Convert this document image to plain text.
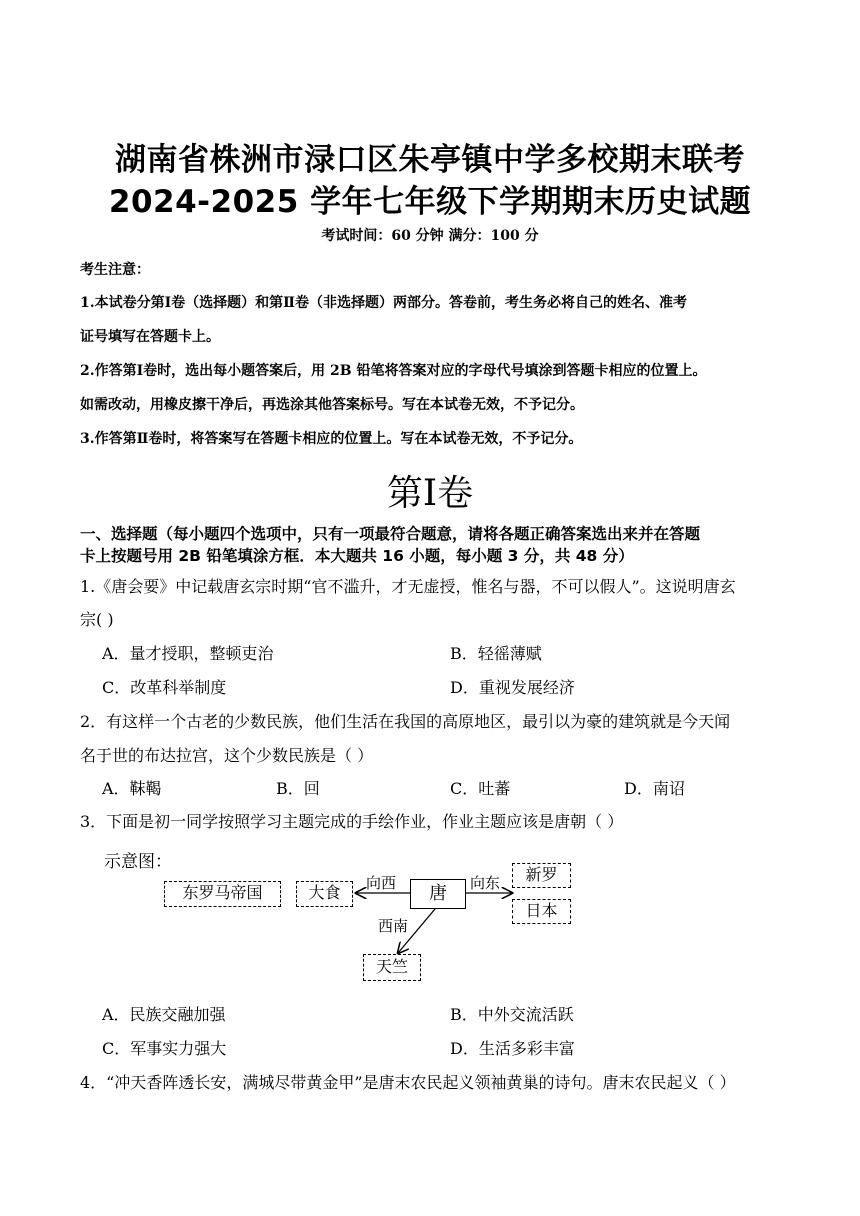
湖南省株洲市渌口区朱亭镇中学多校期末联考
2024-2025 学年七年级下学期期末历史试题
考试时间：60 分钟 满分：100 分
考生注意：
1.本试卷分第Ⅰ卷（选择题）和第Ⅱ卷（非选择题）两部分。答卷前，考生务必将自己的姓名、准考
证号填写在答题卡上。
2.作答第Ⅰ卷时，选出每小题答案后，用 2B 铅笔将答案对应的字母代号填涂到答题卡相应的位置上。
如需改动，用橡皮擦干净后，再选涂其他答案标号。写在本试卷无效，不予记分。
3.作答第Ⅱ卷时，将答案写在答题卡相应的位置上。写在本试卷无效，不予记分。
第Ⅰ卷
一、选择题（每小题四个选项中，只有一项最符合题意，请将各题正确答案选出来并在答题
卡上按题号用 2B 铅笔填涂方框．本大题共 16 小题，每小题 3 分，共 48 分）
1.《唐会要》中记载唐玄宗时期“官不滥升，才无虚授，惟名与器，不可以假人”。这说明唐玄
宗( )
A．量才授职，整顿吏治	B．轻徭薄赋
C．改革科举制度	D．重视发展经济
2．有这样一个古老的少数民族，他们生活在我国的高原地区，最引以为豪的建筑就是今天闻
名于世的布达拉宫，这个少数民族是（ ）
A．靺鞨	B．回	C．吐蕃	D．南诏
3．下面是初一同学按照学习主题完成的手绘作业，作业主题应该是唐朝（ ）
示意图：
东罗马帝国	大食	唐
新罗
日本
天竺
向西	向东
西南
A．民族交融加强	B．中外交流活跃
C．军事实力强大	D．生活多彩丰富
4．“冲天香阵透长安，满城尽带黄金甲”是唐末农民起义领袖黄巢的诗句。唐末农民起义（ ）
